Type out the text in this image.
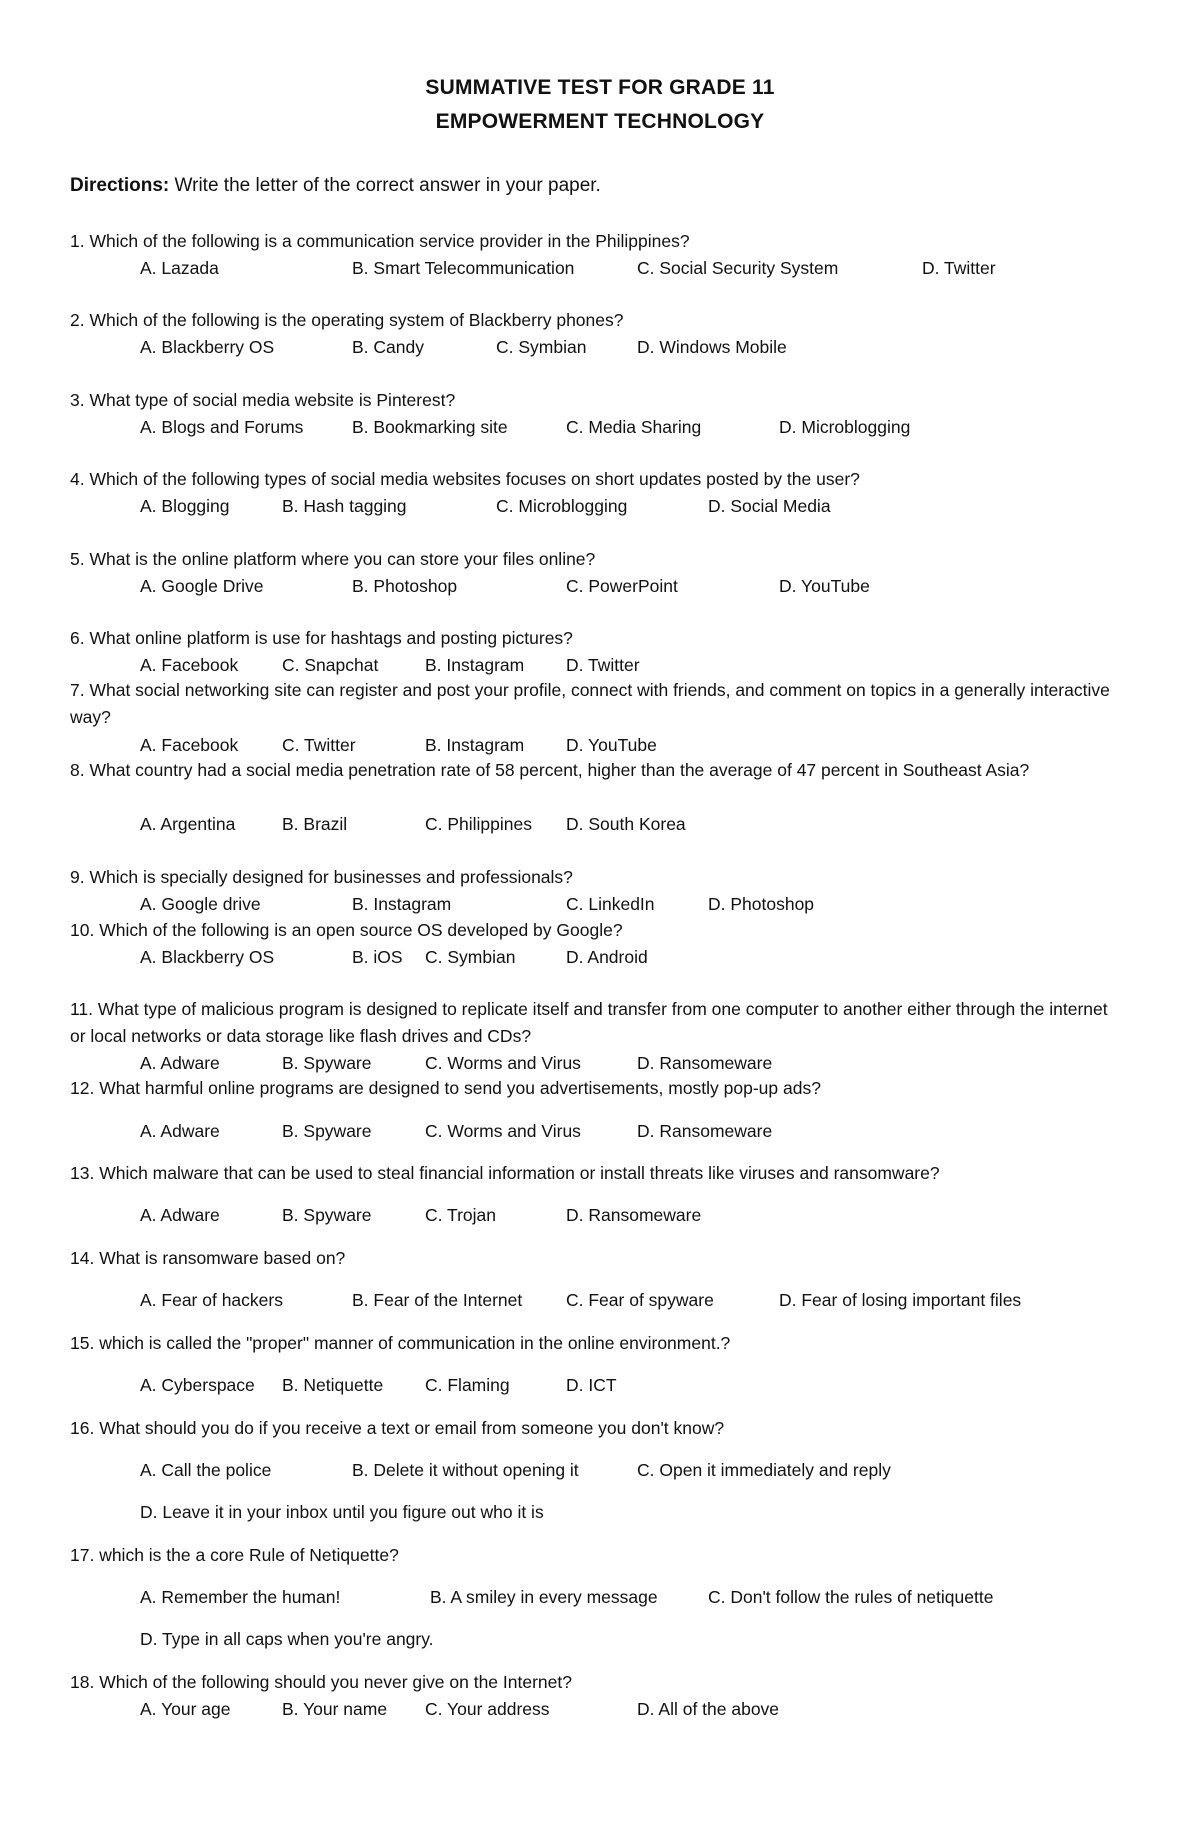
SUMMATIVE TEST FOR GRADE 11
EMPOWERMENT TECHNOLOGY
Directions: Write the letter of the correct answer in your paper.
1. Which of the following is a communication service provider in the Philippines?
A. Lazada	B. Smart Telecommunication	C. Social Security System	D. Twitter
2. Which of the following is the operating system of Blackberry phones?
A. Blackberry OS	B. Candy	C. Symbian	D. Windows Mobile
3. What type of social media website is Pinterest?
A. Blogs and Forums	B. Bookmarking site	C. Media Sharing	D. Microblogging
4. Which of the following types of social media websites focuses on short updates posted by the user?
A. Blogging	B. Hash tagging	C. Microblogging	D. Social Media
5. What is the online platform where you can store your files online?
A. Google Drive	B. Photoshop	C. PowerPoint	D. YouTube
6. What online platform is use for hashtags and posting pictures?
A. Facebook	C. Snapchat	B. Instagram D. Twitter
7. What social networking site can register and post your profile, connect with friends, and comment on topics in a generally interactive way?
A. Facebook	C. Twitter	B. Instagram D. YouTube
8. What country had a social media penetration rate of 58 percent, higher than the average of 47 percent in Southeast Asia?
A. Argentina	B. Brazil	C. Philippines D. South Korea
9. Which is specially designed for businesses and professionals?
A. Google drive	B. Instagram	C. LinkedIn	D. Photoshop
10. Which of the following is an open source OS developed by Google?
A. Blackberry OS	B. iOS C. Symbian	D. Android
11. What type of malicious program is designed to replicate itself and transfer from one computer to another either through the internet or local networks or data storage like flash drives and CDs?
A. Adware	B. Spyware	C. Worms and Virus	D. Ransomeware
12. What harmful online programs are designed to send you advertisements, mostly pop-up ads?
A. Adware	B. Spyware	C. Worms and Virus	D. Ransomeware
13. Which malware that can be used to steal financial information or install threats like viruses and ransomware?
A. Adware	B. Spyware	C. Trojan	D. Ransomeware
14. What is ransomware based on?
A. Fear of hackers	B. Fear of the Internet	C. Fear of spyware	D. Fear of losing important files
15. which is called the "proper" manner of communication in the online environment.?
A. Cyberspace B. Netiquette C. Flaming	D. ICT
16. What should you do if you receive a text or email from someone you don't know?
A. Call the police	B. Delete it without opening it	C. Open it immediately and reply
D. Leave it in your inbox until you figure out who it is
17. which is the a core Rule of Netiquette?
A. Remember the human!	B. A smiley in every message	C. Don't follow the rules of netiquette
D. Type in all caps when you're angry.
18. Which of the following should you never give on the Internet?
A. Your age	B. Your name C. Your address	D. All of the above
